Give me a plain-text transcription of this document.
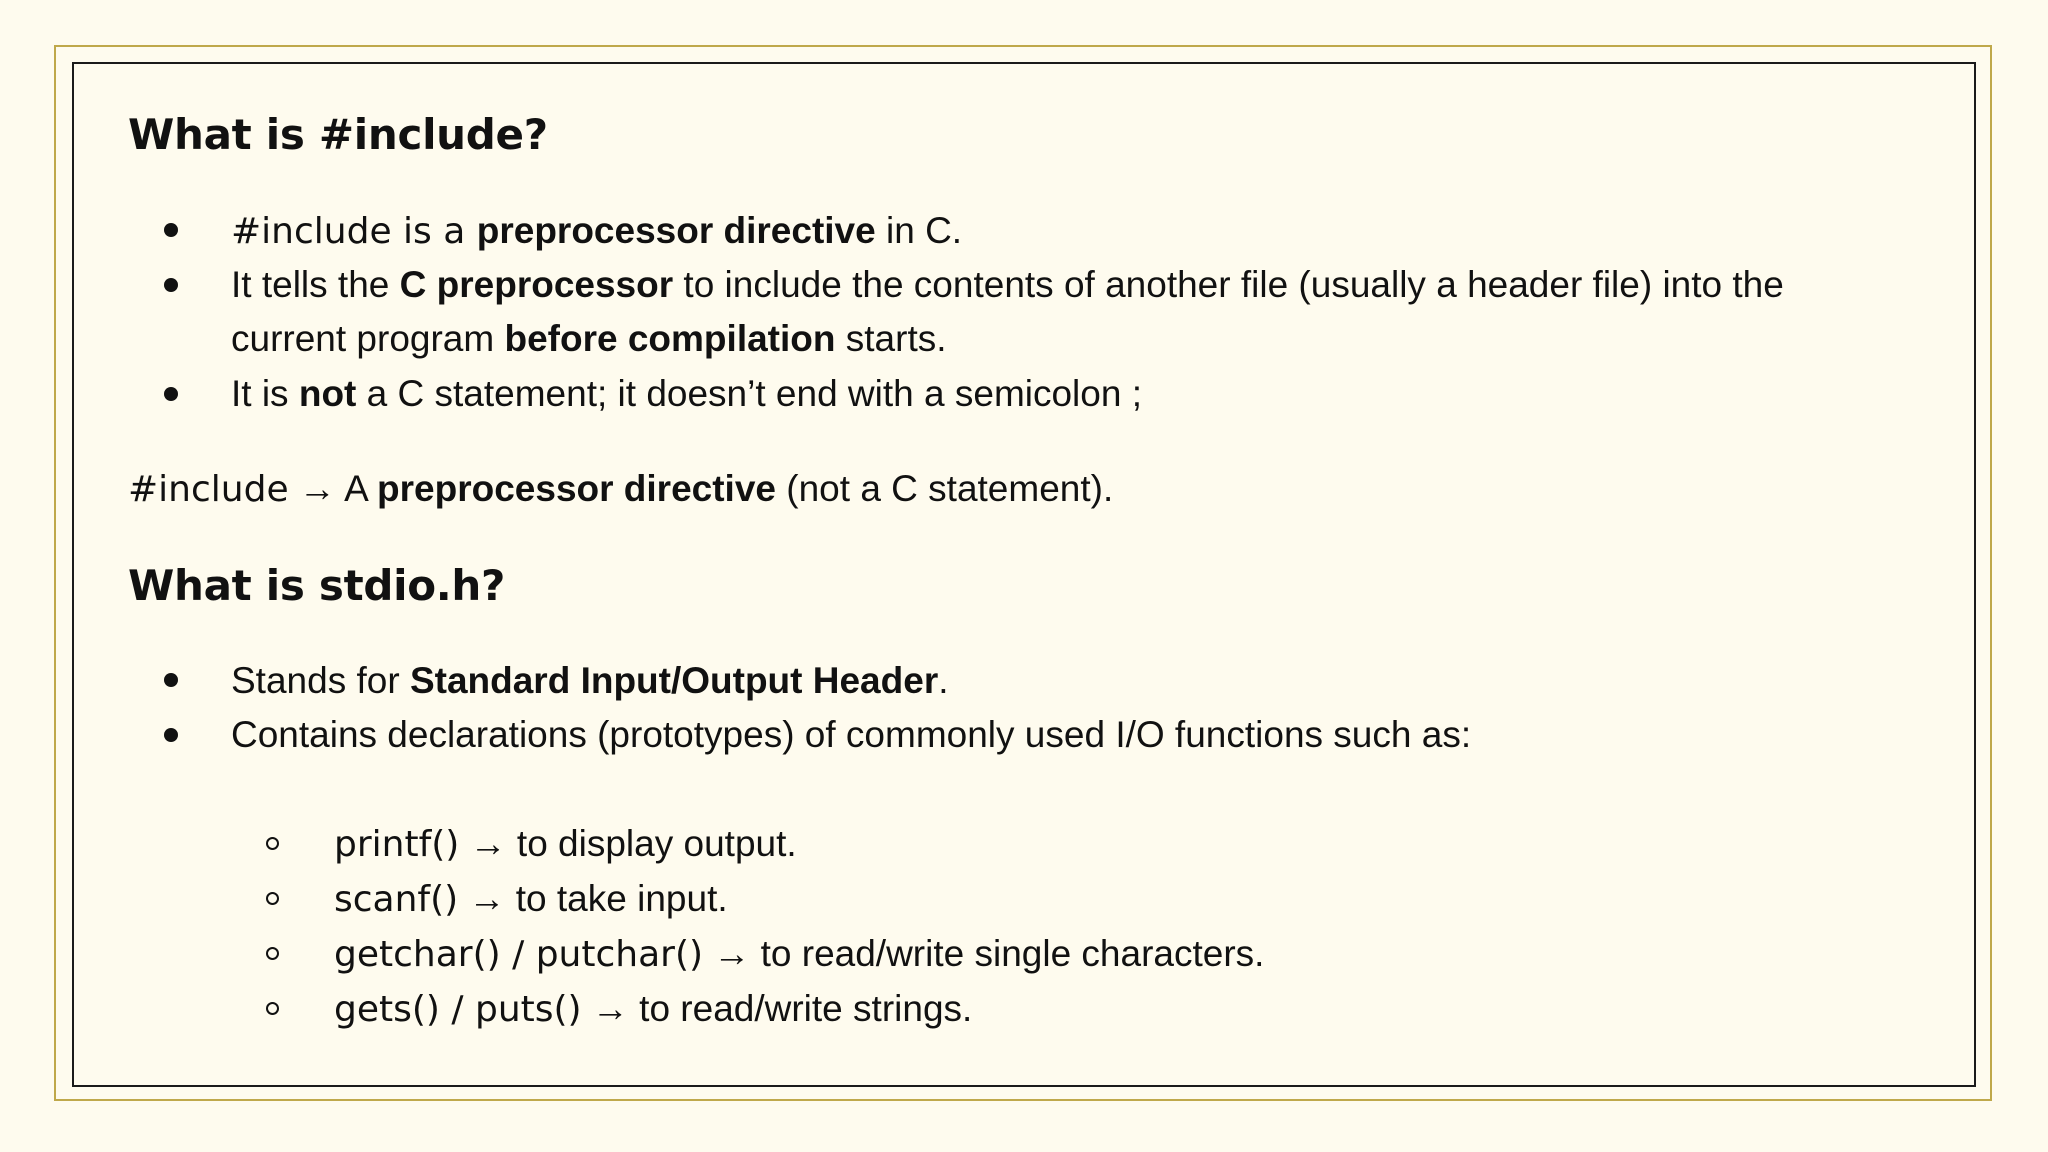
What is #include?
#include is a preprocessor directive in C.
It tells the C preprocessor to include the contents of another file (usually a header file) into the
current program before compilation starts.
It is not a C statement; it doesn’t end with a semicolon ;
#include → A preprocessor directive (not a C statement).
What is stdio.h?
Stands for Standard Input/Output Header.
Contains declarations (prototypes) of commonly used I/O functions such as:
printf() → to display output.
scanf() → to take input.
getchar() / putchar() → to read/write single characters.
gets() / puts() → to read/write strings.
